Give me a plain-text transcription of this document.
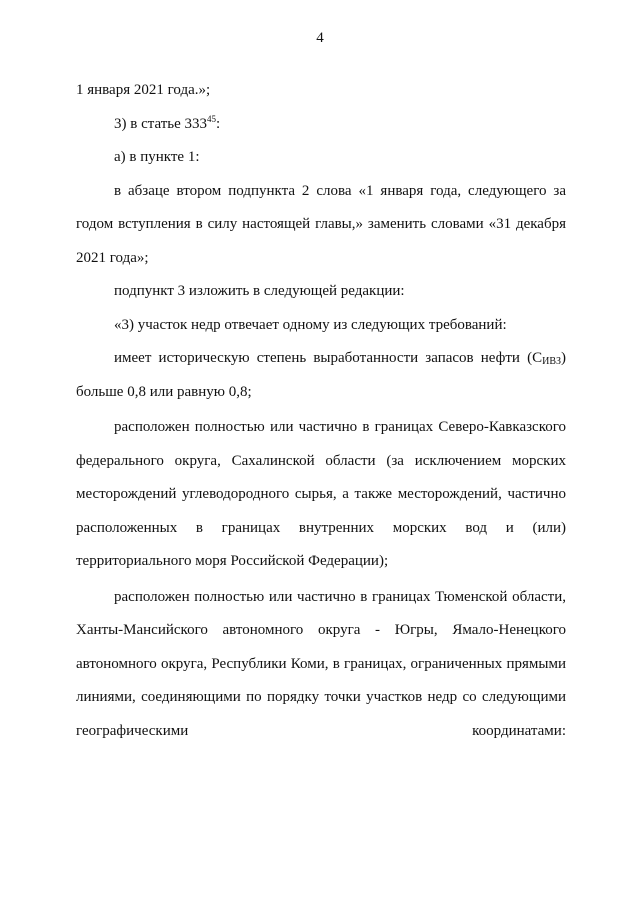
4

1 января 2021 года.»;

3) в статье $333^{45}$:

а) в пункте 1:

в абзаце втором подпункта 2 слова «1 января года, следующего за годом вступления в силу настоящей главы,» заменить словами «31 декабря 2021 года»;

подпункт 3 изложить в следующей редакции:

«3) участок недр отвечает одному из следующих требований:

имеет историческую степень выработанности запасов нефти $(С_{ИВЗ})$ больше 0,8 или равную 0,8;

расположен полностью или частично в границах Северо-Кавказского федерального округа, Сахалинской области (за исключением морских месторождений углеводородного сырья, а также месторождений, частично расположенных в границах внутренних морских вод и (или) территориального моря Российской Федерации);

расположен полностью или частично в границах Тюменской области, Ханты-Мансийского автономного округа - Югры, Ямало-Ненецкого автономного округа, Республики Коми, в границах, ограниченных прямыми линиями, соединяющими по порядку точки участков недр со следующими географическими координатами:
